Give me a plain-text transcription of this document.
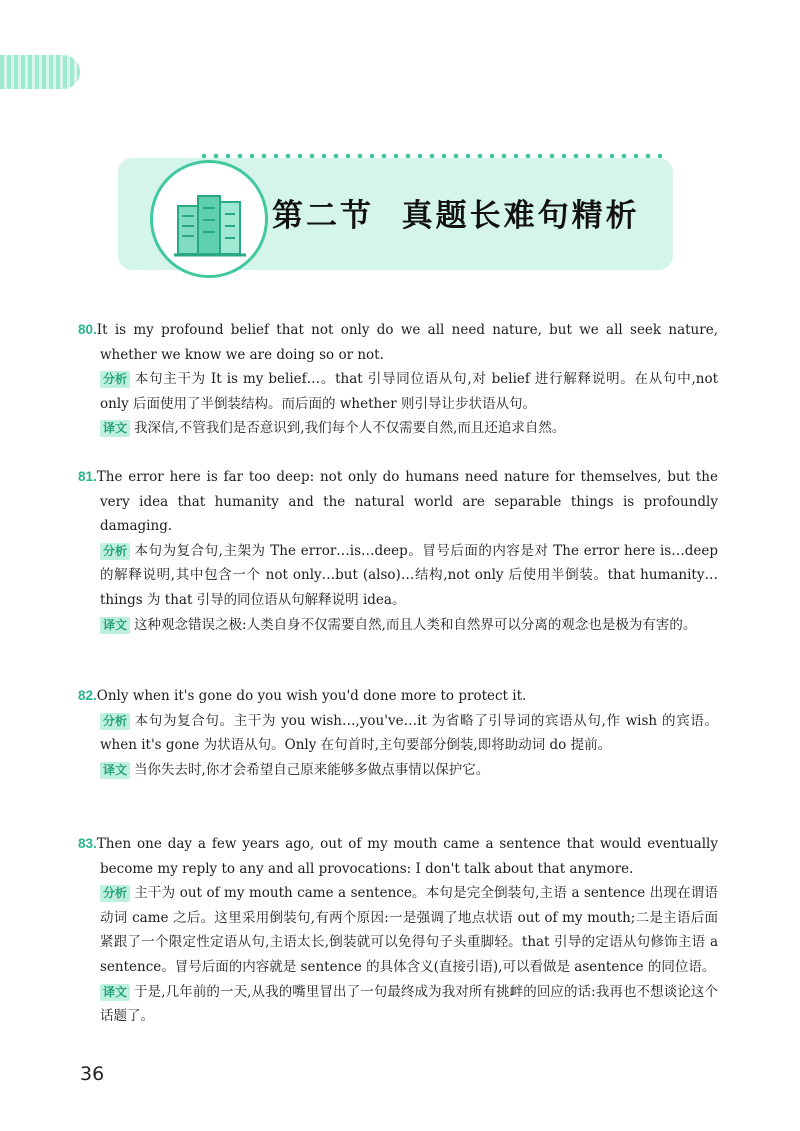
第二节  真题长难句精析

80.It is my profound belief that not only do we all need nature, but we all seek nature, whether we know we are doing so or not.

分析 本句主干为 It is my belief…。that 引导同位语从句,对 belief 进行解释说明。在从句中,not only 后面使用了半倒装结构。而后面的 whether 则引导让步状语从句。

译文 我深信,不管我们是否意识到,我们每个人不仅需要自然,而且还追求自然。

81.The error here is far too deep: not only do humans need nature for themselves, but the very idea that humanity and the natural world are separable things is profoundly damaging.

分析 本句为复合句,主架为 The error…is…deep。冒号后面的内容是对 The error here is…deep 的解释说明,其中包含一个 not only…but (also)…结构,not only 后使用半倒装。that humanity…things 为 that 引导的同位语从句解释说明 idea。

译文 这种观念错误之极:人类自身不仅需要自然,而且人类和自然界可以分离的观念也是极为有害的。

82.Only when it's gone do you wish you'd done more to protect it.

分析 本句为复合句。主干为 you wish…,you've…it 为省略了引导词的宾语从句,作 wish 的宾语。when it's gone 为状语从句。Only 在句首时,主句要部分倒装,即将助动词 do 提前。

译文 当你失去时,你才会希望自己原来能够多做点事情以保护它。

83.Then one day a few years ago, out of my mouth came a sentence that would eventually become my reply to any and all provocations: I don't talk about that anymore.

分析 主干为 out of my mouth came a sentence。本句是完全倒装句,主语 a sentence 出现在谓语动词 came 之后。这里采用倒装句,有两个原因:一是强调了地点状语 out of my mouth;二是主语后面紧跟了一个限定性定语从句,主语太长,倒装就可以免得句子头重脚轻。that 引导的定语从句修饰主语 a sentence。冒号后面的内容就是 sentence 的具体含义(直接引语),可以看做是 asentence 的同位语。

译文 于是,几年前的一天,从我的嘴里冒出了一句最终成为我对所有挑衅的回应的话:我再也不想谈论这个话题了。

36
